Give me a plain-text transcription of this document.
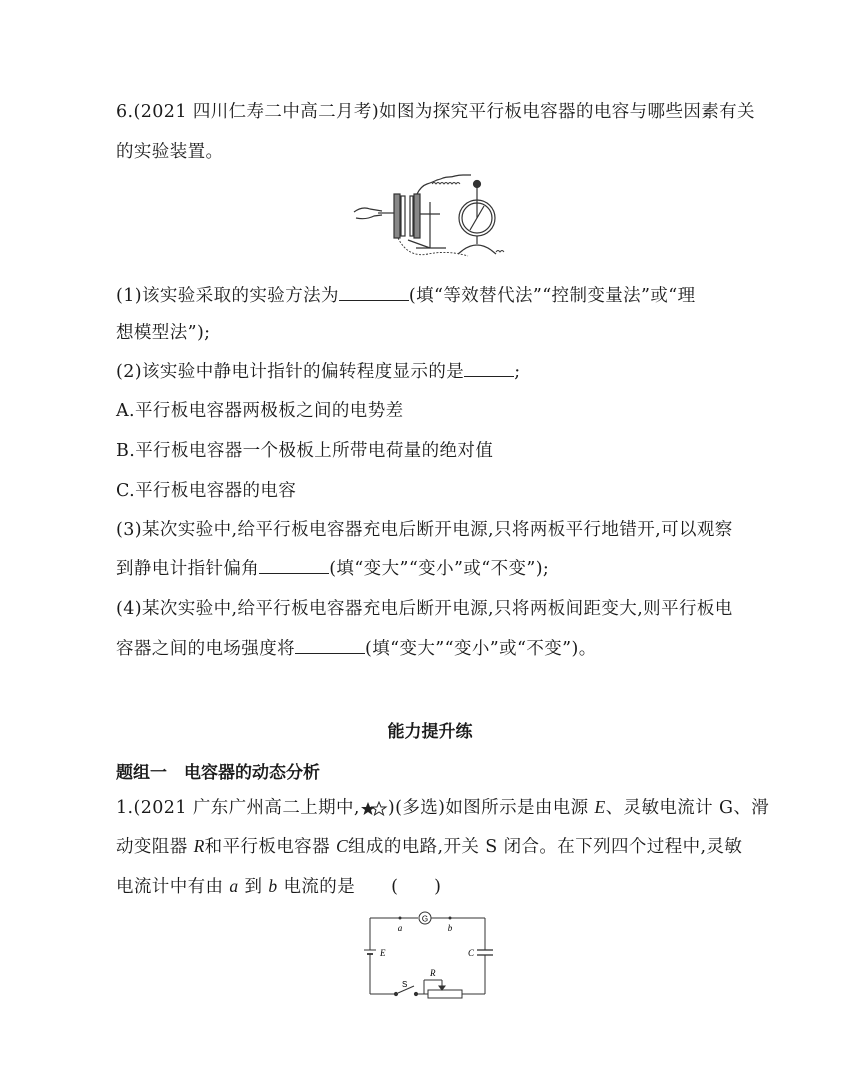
6.(2021 四川仁寿二中高二月考)如图为探究平行板电容器的电容与哪些因素有关
的实验装置。
(1)该实验采取的实验方法为	(填“等效替代法”“控制变量法”或“理
想模型法”);
(2)该实验中静电计指针的偏转程度显示的是	;
A.平行板电容器两极板之间的电势差
B.平行板电容器一个极板上所带电荷量的绝对值
C.平行板电容器的电容
(3)某次实验中,给平行板电容器充电后断开电源,只将两板平行地错开,可以观察
到静电计指针偏角	(填“变大”“变小”或“不变”);
(4)某次实验中,给平行板电容器充电后断开电源,只将两板间距变大,则平行板电
容器之间的电场强度将	(填“变大”“变小”或“不变”)。
能力提升练
题组一　电容器的动态分析
1.(2021 广东广州高二上期中, )(多选)如图所示是由电源 E、灵敏电流计 G、滑
动变阻器 R和平行板电容器 C组成的电路,开关 S 闭合。在下列四个过程中,灵敏
电流计中有由 a 到 b 电流的是 (　　)
G
a	b
E	C
S
R
